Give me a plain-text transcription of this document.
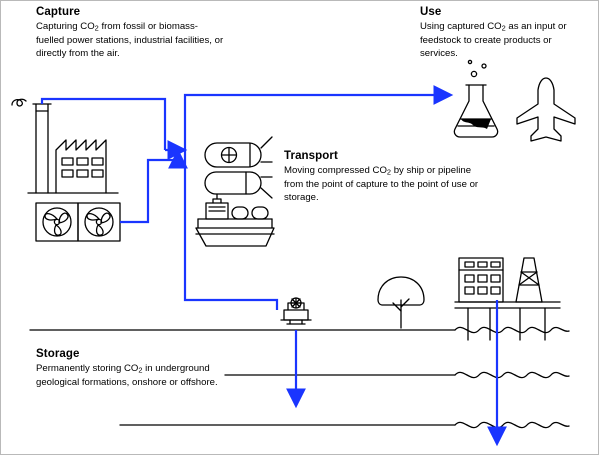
Capture

Capturing $CO_2$ from fossil or biomass-fuelled power stations, industrial facilities, or directly from the air.

Use

Using captured $CO_2$ as an input or feedstock to create products or services.

Transport

Moving compressed $CO_2$ by ship or pipeline from the point of capture to the point of use or storage.

Storage

Permanently storing $CO_2$ in underground geological formations, onshore or offshore.
